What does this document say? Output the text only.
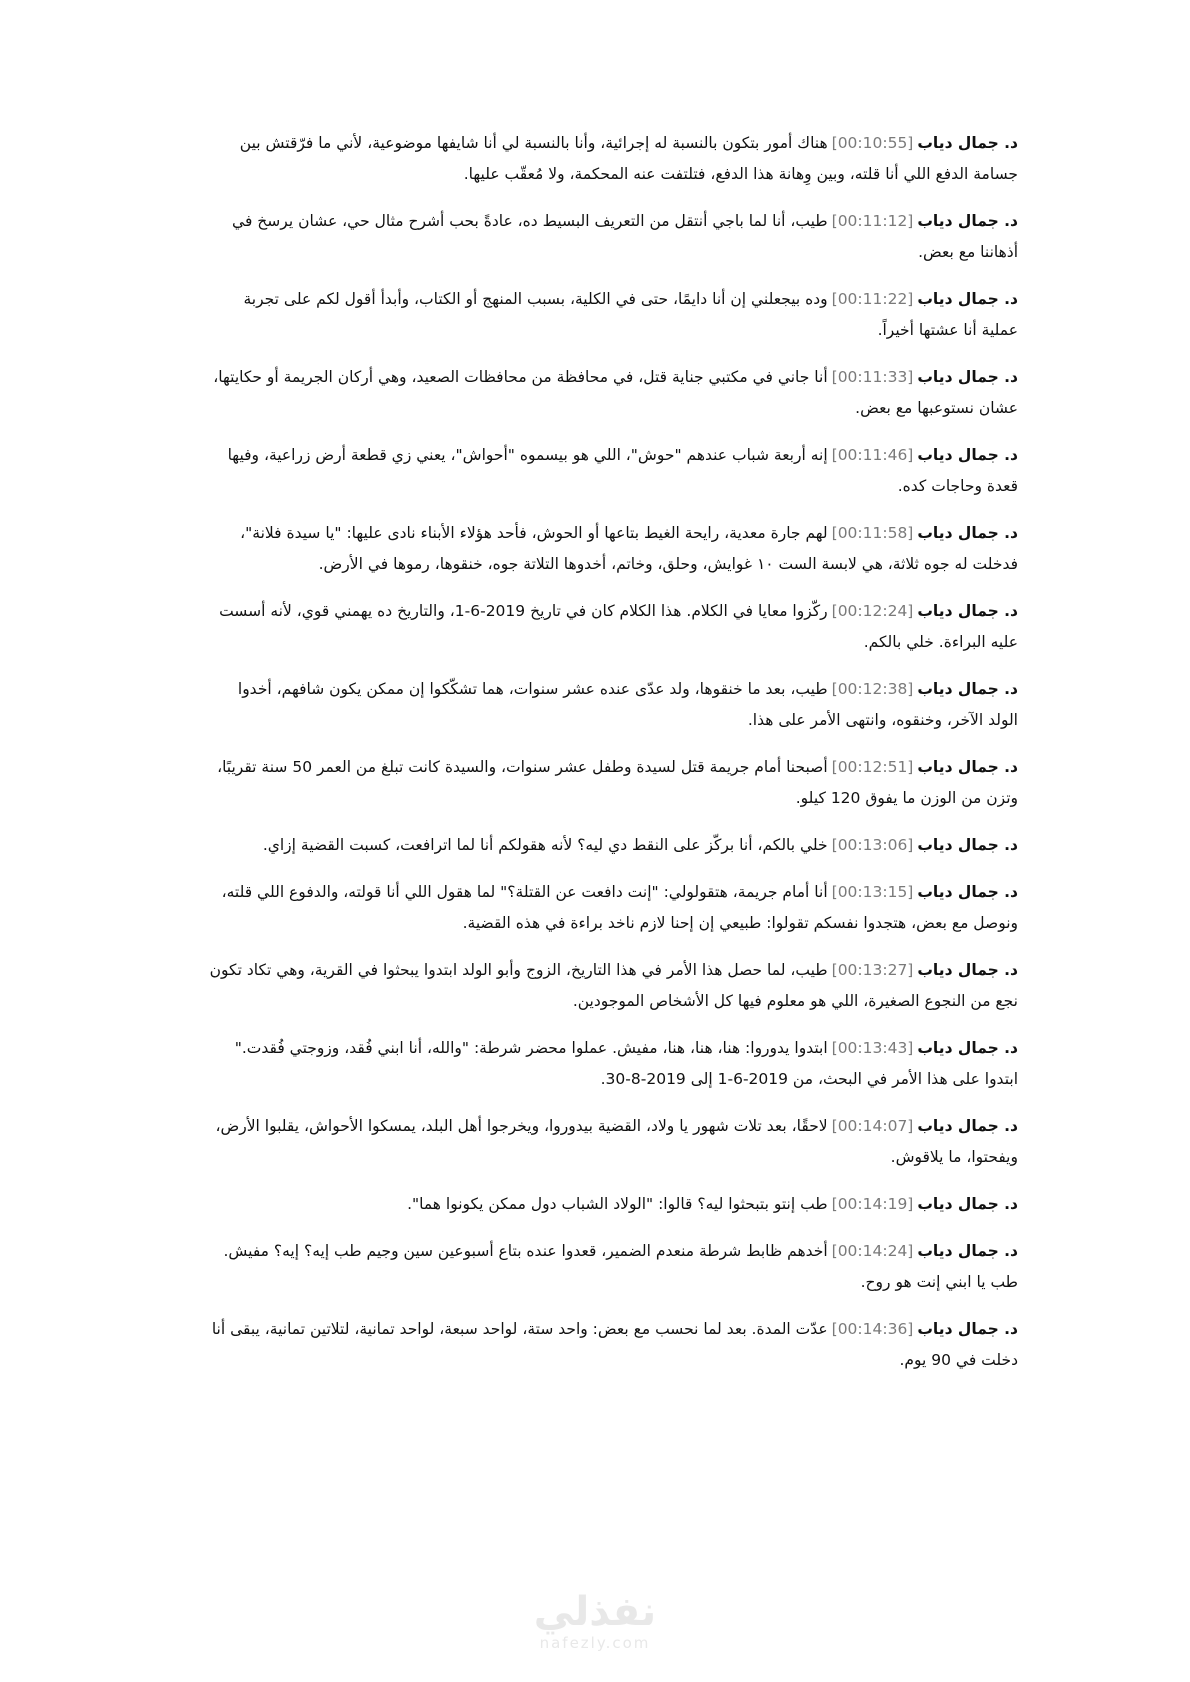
د. جمال دياب[00:10:55]هناك أمور بتكون بالنسبة له إجرائية، وأنا بالنسبة لي أنا شايفها موضوعية، لأني ما فرّقتش بين جسامة الدفع اللي أنا قلته، وبين وِهانة هذا الدفع، فتلتفت عنه المحكمة، ولا مُعقّب عليها.

د. جمال دياب[00:11:12]طيب، أنا لما باجي أنتقل من التعريف البسيط ده، عادةً بحب أشرح مثال حي، عشان يرسخ في أذهاننا مع بعض.

د. جمال دياب[00:11:22]وده بيجعلني إن أنا دايمًا، حتى في الكلية، بسبب المنهج أو الكتاب، وأبدأ أقول لكم على تجربة عملية أنا عشتها أخيراً.

د. جمال دياب[00:11:33]أنا جاني في مكتبي جناية قتل، في محافظة من محافظات الصعيد، وهي أركان الجريمة أو حكايتها، عشان نستوعبها مع بعض.

د. جمال دياب[00:11:46]إنه أربعة شباب عندهم "حوش"، اللي هو بيسموه "أحواش"، يعني زي قطعة أرض زراعية، وفيها قعدة وحاجات كده.

د. جمال دياب[00:11:58]لهم جارة معدية، رايحة الغيط بتاعها أو الحوش، فأحد هؤلاء الأبناء نادى عليها: "يا سيدة فلانة"، فدخلت له جوه ثلاثة، هي لابسة الست ١٠ غوايش، وحلق، وخاتم، أخدوها التلاتة جوه، خنقوها، رموها في الأرض.

د. جمال دياب[00:12:24]ركّزوا معايا في الكلام. هذا الكلام كان في تاريخ 2019-6-1، والتاريخ ده يهمني قوي، لأنه أسست عليه البراءة. خلي بالكم.

د. جمال دياب[00:12:38]طيب، بعد ما خنقوها، ولد عدّى عنده عشر سنوات، هما تشكّكوا إن ممكن يكون شافهم، أخدوا الولد الآخر، وخنقوه، وانتهى الأمر على هذا.

د. جمال دياب[00:12:51]أصبحنا أمام جريمة قتل لسيدة وطفل عشر سنوات، والسيدة كانت تبلغ من العمر 50 سنة تقريبًا، وتزن من الوزن ما يفوق 120 كيلو.

د. جمال دياب[00:13:06]خلي بالكم، أنا بركّز على النقط دي ليه؟ لأنه هقولكم أنا لما اترافعت، كسبت القضية إزاي.

د. جمال دياب[00:13:15]أنا أمام جريمة، هتقولولي: "إنت دافعت عن القتلة؟" لما هقول اللي أنا قولته، والدفوع اللي قلته، ونوصل مع بعض، هتجدوا نفسكم تقولوا: طبيعي إن إحنا لازم ناخد براءة في هذه القضية.

د. جمال دياب[00:13:27]طيب، لما حصل هذا الأمر في هذا التاريخ، الزوج وأبو الولد ابتدوا يبحثوا في القرية، وهي تكاد تكون نجع من النجوع الصغيرة، اللي هو معلوم فيها كل الأشخاص الموجودين.

د. جمال دياب[00:13:43]ابتدوا يدوروا: هنا، هنا، هنا، مفيش. عملوا محضر شرطة: "والله، أنا ابني فُقد، وزوجتي فُقدت." ابتدوا على هذا الأمر في البحث، من 2019-6-1 إلى 2019-8-30.

د. جمال دياب[00:14:07]لاحقًا، بعد تلات شهور يا ولاد، القضية بيدوروا، ويخرجوا أهل البلد، يمسكوا الأحواش، يقلبوا الأرض، ويفحتوا، ما يلاقوش.

د. جمال دياب[00:14:19]طب إنتو بتبحثوا ليه؟ قالوا: "الولاد الشباب دول ممكن يكونوا هما".

د. جمال دياب[00:14:24]أخدهم ظابط شرطة منعدم الضمير، قعدوا عنده بتاع أسبوعين سين وجيم طب إيه؟ إيه؟ مفيش. طب يا ابني إنت هو روح.

د. جمال دياب[00:14:36]عدّت المدة. بعد لما نحسب مع بعض: واحد ستة، لواحد سبعة، لواحد تمانية، لتلاتين تمانية، يبقى أنا دخلت في 90 يوم.

نفذلي
nafezly.com
